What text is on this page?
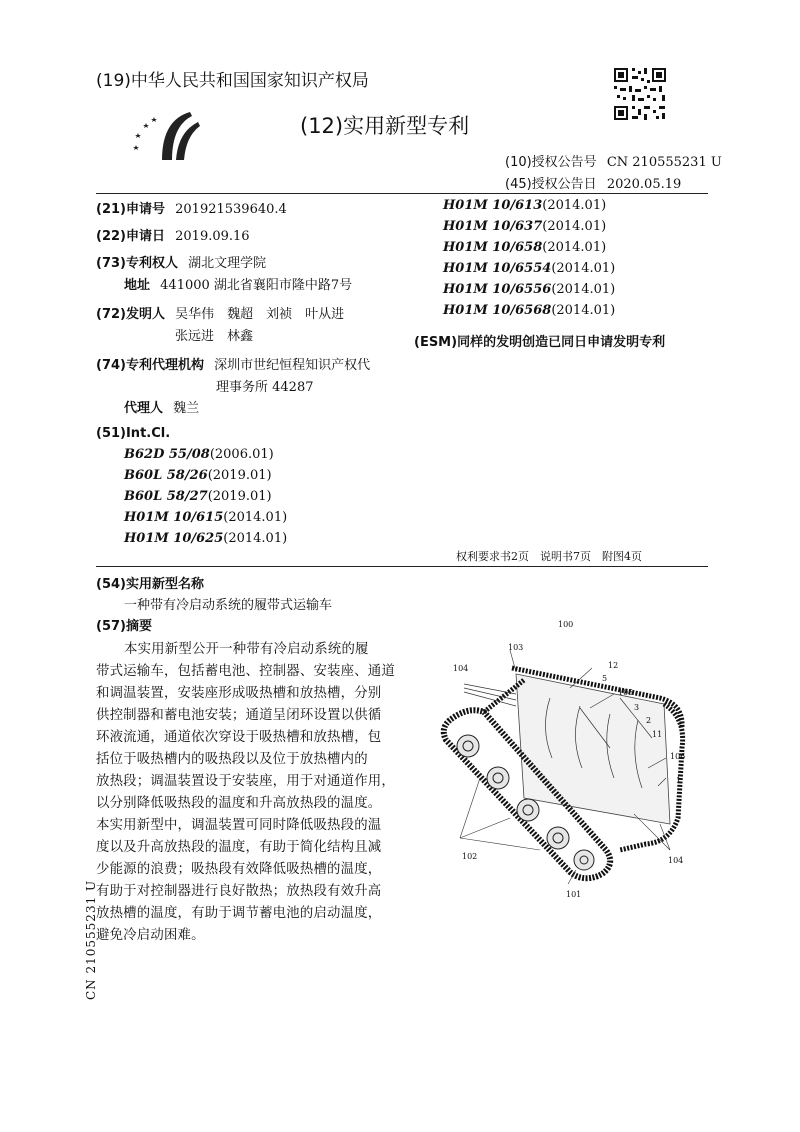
(19)中华人民共和国国家知识产权局
(12)实用新型专利
(10)授权公告号 CN 210555231 U
(45)授权公告日 2020.05.19
(21)申请号 201921539640.4
(22)申请日 2019.09.16
(73)专利权人 湖北文理学院
地址 441000 湖北省襄阳市隆中路7号
(72)发明人 吴华伟　魏超　刘祯　叶从进
张远进　林鑫
(74)专利代理机构 深圳市世纪恒程知识产权代
理事务所 44287
代理人 魏兰
(51)Int.Cl.
B62D 55/08(2006.01)
B60L 58/26(2019.01)
B60L 58/27(2019.01)
H01M 10/615(2014.01)
H01M 10/625(2014.01)
H01M 10/613(2014.01)
H01M 10/637(2014.01)
H01M 10/658(2014.01)
H01M 10/6554(2014.01)
H01M 10/6556(2014.01)
H01M 10/6568(2014.01)
(ESM)同样的发明创造已同日申请发明专利
权利要求书2页　说明书7页　附图4页
(54)实用新型名称
一种带有冷启动系统的履带式运输车
(57)摘要
本实用新型公开一种带有冷启动系统的履
带式运输车，包括蓄电池、控制器、安装座、通道
和调温装置，安装座形成吸热槽和放热槽，分别
供控制器和蓄电池安装；通道呈闭环设置以供循
环液流通，通道依次穿设于吸热槽和放热槽，包
括位于吸热槽内的吸热段以及位于放热槽内的
放热段；调温装置设于安装座，用于对通道作用，
以分别降低吸热段的温度和升高放热段的温度。
本实用新型中，调温装置可同时降低吸热段的温
度以及升高放热段的温度，有助于简化结构且减
少能源的浪费；吸热段有效降低吸热槽的温度，
有助于对控制器进行良好散热；放热段有效升高
放热槽的温度，有助于调节蓄电池的启动温度，
避免冷启动困难。
100
103
104	12
5
105
3
2
11
106
1
102	104
101
CN 210555231 U
